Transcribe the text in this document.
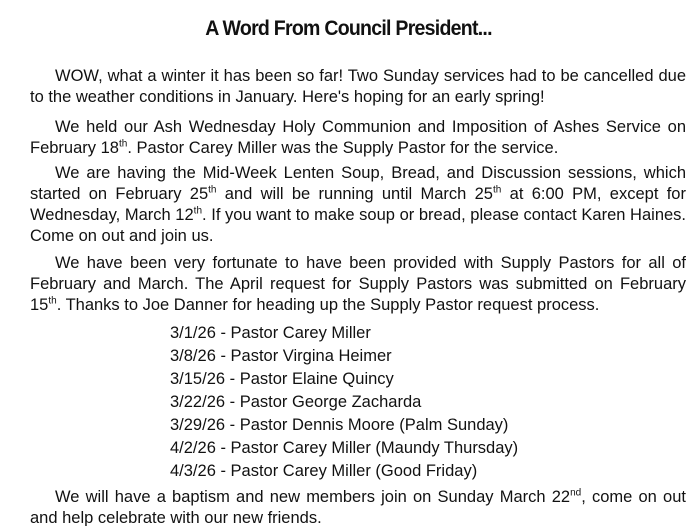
A Word From Council President...

WOW, what a winter it has been so far! Two Sunday services had to be cancelled due to the weather conditions in January. Here's hoping for an early spring!

We held our Ash Wednesday Holy Communion and Imposition of Ashes Service on February 18th. Pastor Carey Miller was the Supply Pastor for the service.

We are having the Mid-Week Lenten Soup, Bread, and Discussion sessions, which started on February 25th and will be running until March 25th at 6:00 PM, except for Wednesday, March 12th. If you want to make soup or bread, please contact Karen Haines. Come on out and join us.

We have been very fortunate to have been provided with Supply Pastors for all of February and March. The April request for Supply Pastors was submitted on February 15th. Thanks to Joe Danner for heading up the Supply Pastor request process.

3/1/26 - Pastor Carey Miller
3/8/26 - Pastor Virgina Heimer
3/15/26 - Pastor Elaine Quincy
3/22/26 - Pastor George Zacharda
3/29/26 - Pastor Dennis Moore (Palm Sunday)
4/2/26 - Pastor Carey Miller (Maundy Thursday)
4/3/26 - Pastor Carey Miller (Good Friday)

We will have a baptism and new members join on Sunday March 22nd, come on out and help celebrate with our new friends.
